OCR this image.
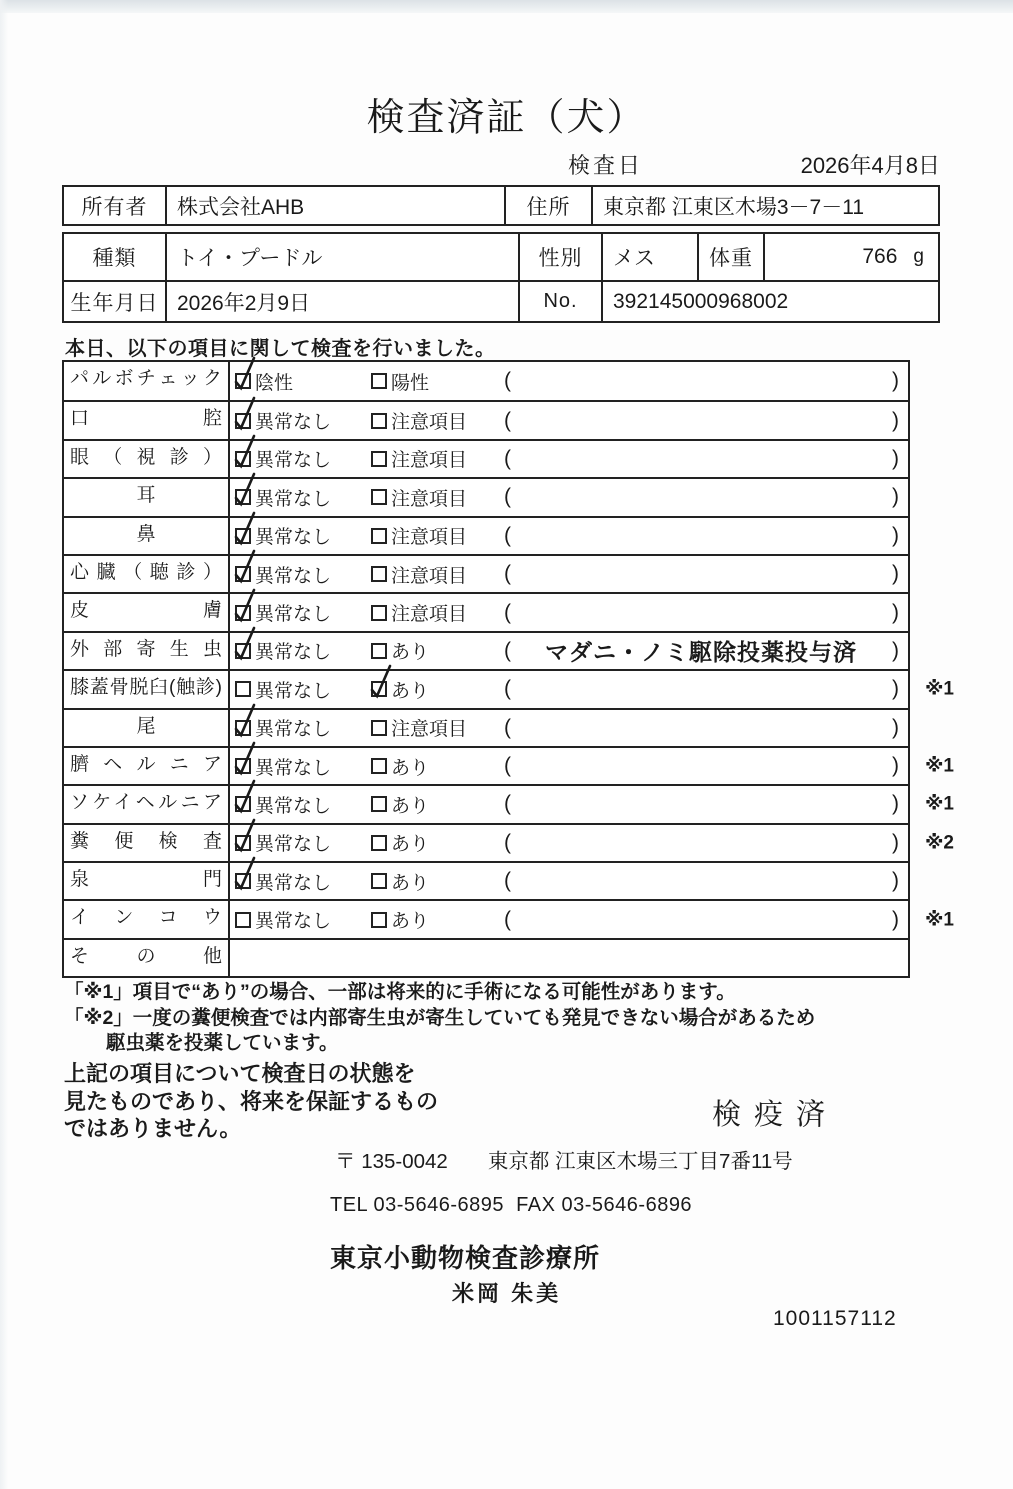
検査済証（犬）
検査日	2026年4月8日
所有者	株式会社AHB	住所	東京都 江東区木場3－7－11
種類	トイ・プードル	性別	メス	体重	766 g
生年月日 2026年2月9日	No.	392145000968002
本日、以下の項目に関して検査を行いました。
パルボチェック	陰性	陽性	(	)
口腔	異常なし	注意項目 (	)
眼（視診）	異常なし	注意項目 (	)
耳	異常なし	注意項目 (	)
鼻	異常なし	注意項目 (	)
心臓（聴診）	異常なし	注意項目 (	)
皮膚	異常なし	注意項目 (	)
外部寄生虫	異常なし	あり	(	マダニ・ノミ駆除投薬投与済	)
膝蓋骨脱臼(触診)	異常なし	あり	(	) ※1
尾	異常なし	注意項目 (	)
臍ヘルニア	異常なし	あり	(	) ※1
ソケイヘルニア	異常なし	あり	(	) ※1
糞便検査	異常なし	あり	(	) ※2
泉門	異常なし	あり	(	)
インコウ	異常なし	あり	(	) ※1
その他
「※1」項目で“あり”の場合、一部は将来的に手術になる可能性があります。
「※2」一度の糞便検査では内部寄生虫が寄生していても発見できない場合があるため
駆虫薬を投薬しています。
上記の項目について検査日の状態を
見たものであり、将来を保証するもの
ではありません。	検疫済
〒 135-0042 東京都 江東区木場三丁目7番11号
TEL 03-5646-6895  FAX 03-5646-6896
東京小動物検査診療所
米岡 朱美
1001157112
